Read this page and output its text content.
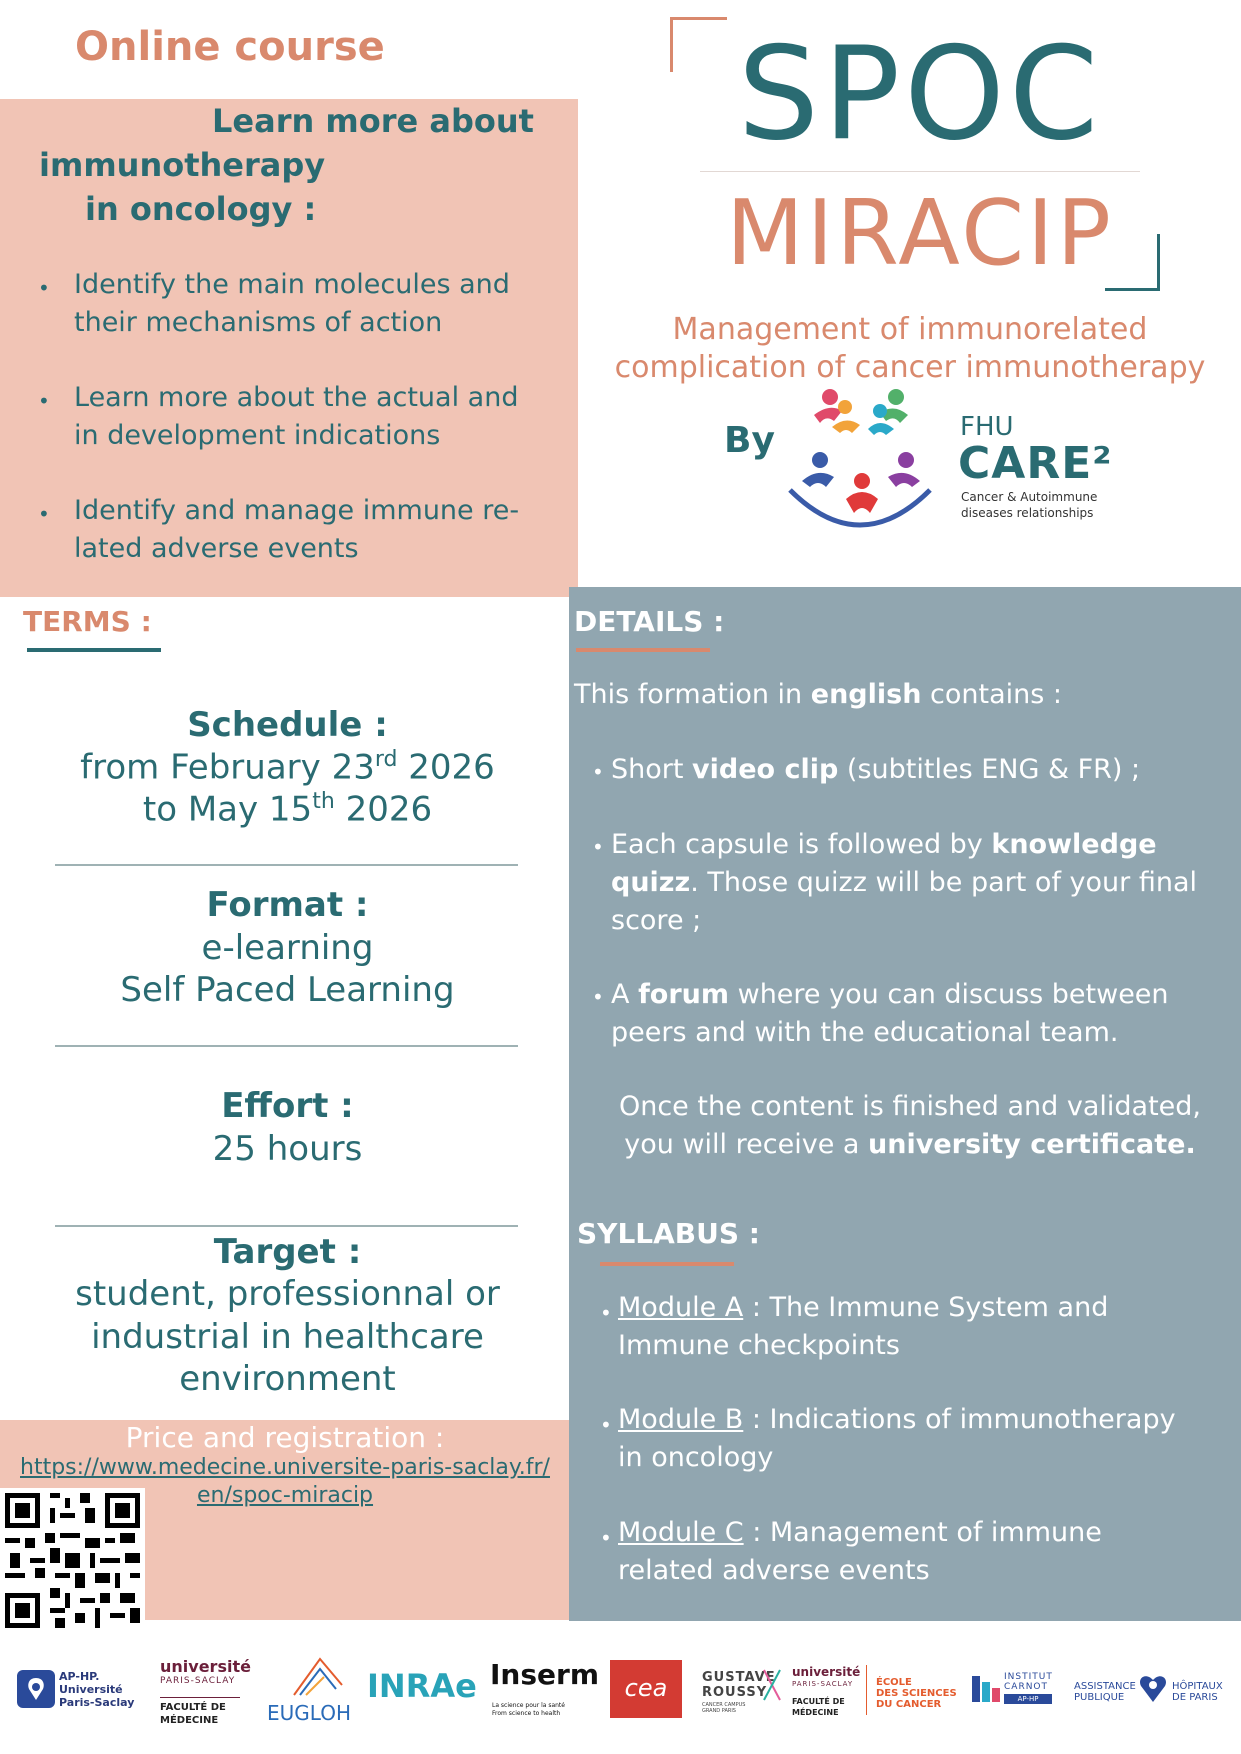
Online course
Learn more about
immunotherapy
in oncology :
• Identify the main molecules and
their mechanisms of action
• Learn more about the actual and
in development indications
• Identify and manage immune re-
lated adverse events
SPOC
MIRACIP
Management of immunorelated
complication of cancer immunotherapy
By	FHU
CARE²
Cancer & Autoimmune
diseases relationships
TERMS :
Schedule :
from February 23rd 2026
to May 15th 2026
Format :
e-learning
Self Paced Learning
Effort :
25 hours
Target :
student, professionnal or
industrial in healthcare
environment
Price and registration :
https://www.medecine.universite-paris-saclay.fr/
en/spoc-miracip
DETAILS :
This formation in english contains :
• Short video clip (subtitles ENG & FR) ;
• Each capsule is followed by knowledge
quizz. Those quizz will be part of your final
score ;
• A forum where you can discuss between
peers and with the educational team.
Once the content is finished and validated,
you will receive a university certificate.
SYLLABUS :
• Module A : The Immune System and
Immune checkpoints
• Module B : Indications of immunotherapy
in oncology
• Module C : Management of immune
related adverse events
AP-HP.
Université
Paris-Saclay
université
PARIS-SACLAY
FACULTÉ DE
MÉDECINE	EUGLOH
INRAe Inserm
La science pour la santé
From science to health
cea	GUSTAVE
ROUSSY
CANCER CAMPUS
GRAND PARIS
université
PARIS-SACLAY
FACULTÉ DE
MÉDECINE
ÉCOLE
DES SCIENCES
DU CANCER
INSTITUT
CARNOT
AP-HP
ASSISTANCE
PUBLIQUE
HÔPITAUX
DE PARIS
